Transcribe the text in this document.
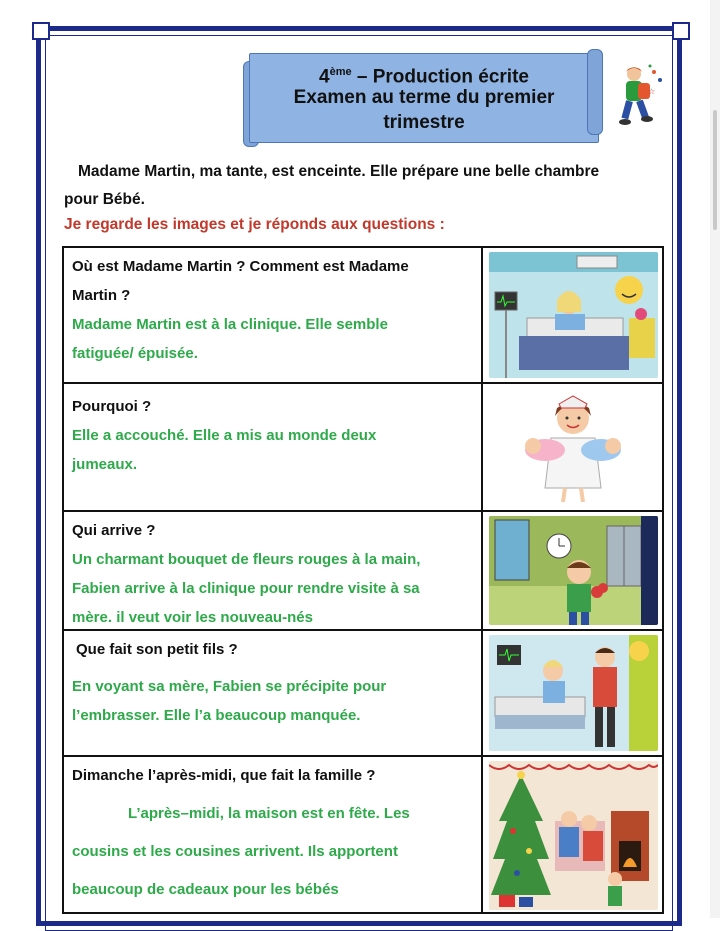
4ème – Production écrite
Examen au terme du premier
trimestre
☆
Madame Martin, ma tante, est enceinte. Elle prépare une belle chambre
pour Bébé.
Je regarde les images et je réponds aux questions :
Où est Madame Martin ? Comment est Madame
Martin ?
Madame Martin est à la clinique. Elle semble
fatiguée/ épuisée.
Pourquoi ?
Elle a accouché. Elle a mis au monde deux
jumeaux.
Qui arrive ?
Un charmant bouquet de fleurs rouges à la main,
Fabien arrive à la clinique pour rendre visite à sa
mère. il veut voir les nouveau-nés
Que fait son petit fils ?
En voyant sa mère, Fabien se précipite pour
l’embrasser. Elle l’a beaucoup manquée.
Dimanche l’après-midi, que fait la famille ?
L’après–midi, la maison est en fête. Les
cousins et les cousines arrivent. Ils apportent
beaucoup de cadeaux pour les bébés
